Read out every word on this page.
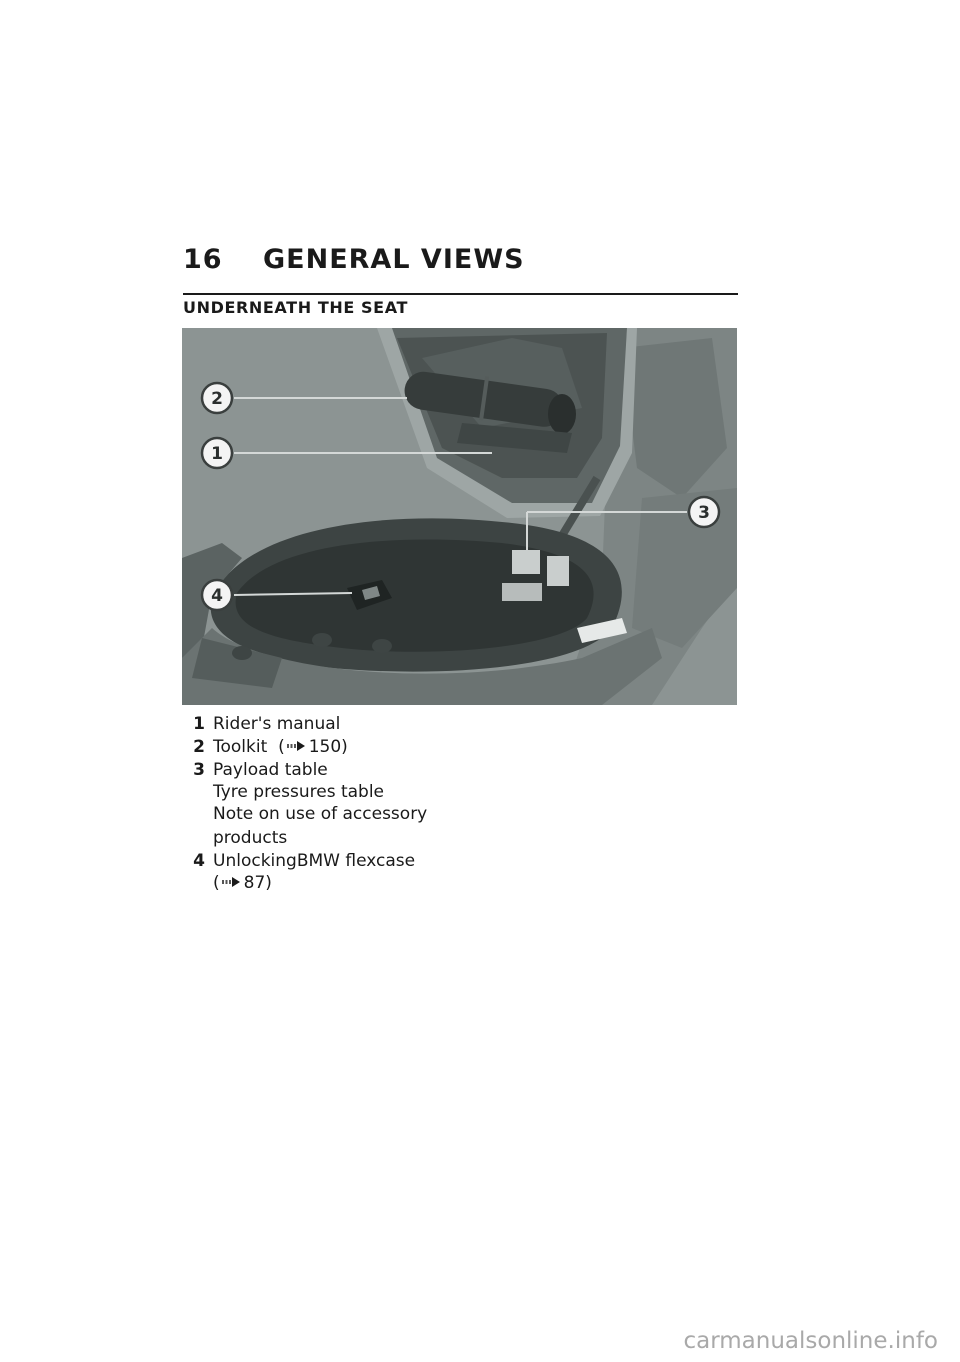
16 GENERAL VIEWS
UNDERNEATH THE SEAT
2
1
3
4
1 Rider's manual
2 Toolkit  ( 150)
3 Payload table
Tyre pressures table
Note on use of accessory
products
4 UnlockingBMW flexcase
( 87)
carmanualsonline.info
